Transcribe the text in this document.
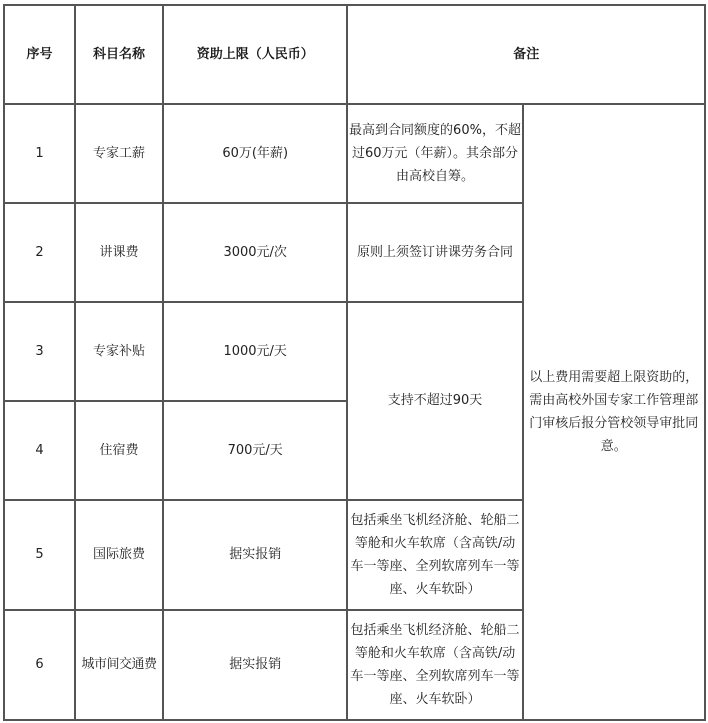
序号	科目名称	资助上限（人民币）	备注	
1	专家工薪	60万(年薪)	最高到合同额度的60%，不超过60万元（年薪）。其余部分由高校自筹。	以上费用需要超上限资助的，需由高校外国专家工作管理部门审核后报分管校领导审批同意。
2	讲课费	3000元/次	原则上须签订讲课劳务合同	
3	专家补贴	1000元/天	支持不超过90天	
4	住宿费	700元/天		
5	国际旅费	据实报销	包括乘坐飞机经济舱、轮船二等舱和火车软席（含高铁/动车一等座、全列软席列车一等座、火车软卧）	
6	城市间交通费	据实报销	包括乘坐飞机经济舱、轮船二等舱和火车软席（含高铁/动车一等座、全列软席列车一等座、火车软卧）	
